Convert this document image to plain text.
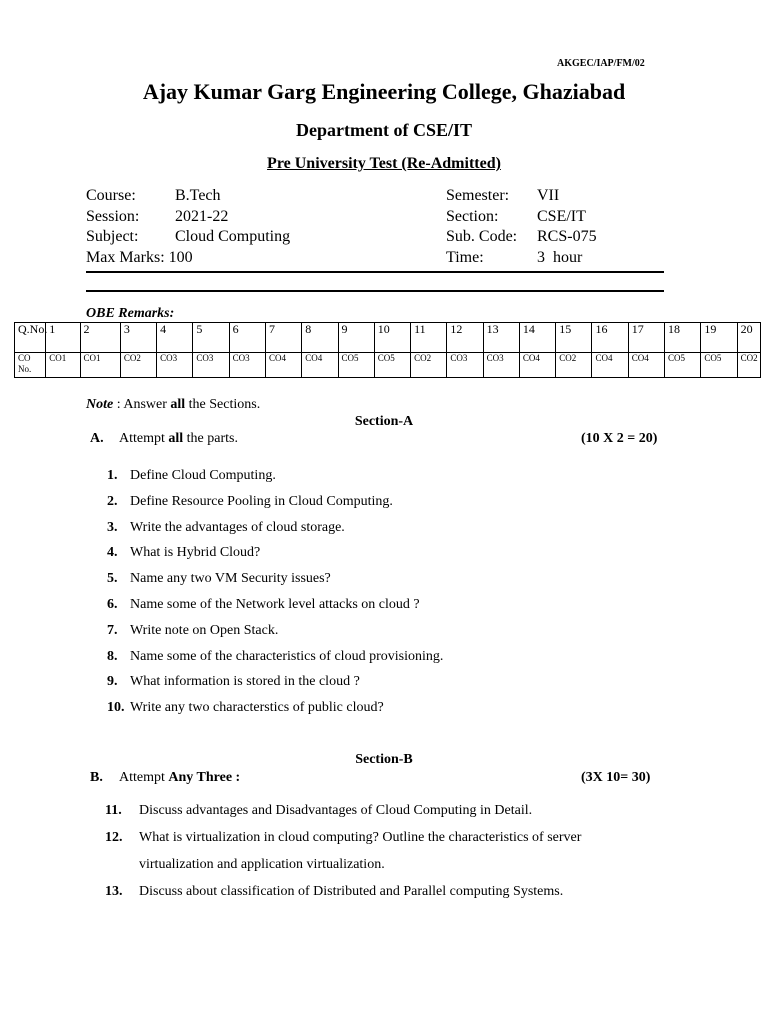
AKGEC/IAP/FM/02
Ajay Kumar Garg Engineering College, Ghaziabad
Department of CSE/IT
Pre University Test (Re-Admitted)
Course: B.Tech
Session: 2021-22
Subject: Cloud Computing
Max Marks: 100
Semester: VII
Section: CSE/IT
Sub. Code: RCS-075
Time:	3  hour
OBE Remarks:
Q.No.	1	2	3	4	5	6	7	8	9	10	11	12	13	14	15	16	17	18	19	20
CO No.	CO1	CO1	CO2	CO3	CO3	CO3	CO4	CO4	CO5	CO5	CO2	CO3	CO3	CO4	CO2	CO4	CO4	CO5	CO5	CO2
Note : Answer all the Sections.
Section-A
A. Attempt all the parts.	(10 X 2 = 20)
1. Define Cloud Computing.
2. Define Resource Pooling in Cloud Computing.
3. Write the advantages of cloud storage.
4. What is Hybrid Cloud?
5. Name any two VM Security issues?
6. Name some of the Network level attacks on cloud ?
7. Write note on Open Stack.
8. Name some of the characteristics of cloud provisioning.
9. What information is stored in the cloud ?
10. Write any two characterstics of public cloud?
Section-B
B. Attempt Any Three :	(3X 10= 30)
11. Discuss advantages and Disadvantages of Cloud Computing in Detail.
12. What is virtualization in cloud computing? Outline the characteristics of server
virtualization and application virtualization.
13. Discuss about classification of Distributed and Parallel computing Systems.
